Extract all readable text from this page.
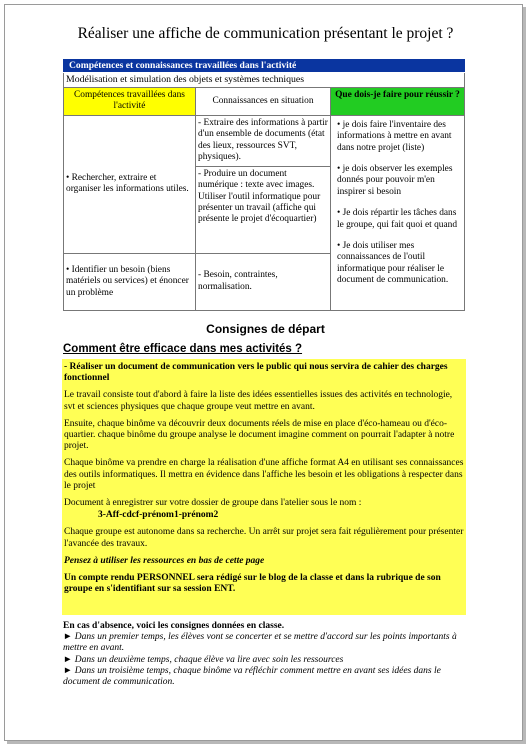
Réaliser une affiche de communication présentant le projet ?
Compétences et connaissances travaillées dans l'activité
Modélisation et simulation des objets et systèmes techniques
Compétences travaillées dans l'activité	Connaissances en situation	Que dois-je faire pour réussir ?

• Rechercher, extraire et organiser les informations utiles.	- Extraire des informations à partir d'un ensemble de documents (état des lieux, ressources SVT, physiques).	• je dois faire l'inventaire des informations à mettre en avant dans notre projet (liste)
• je dois observer les exemples donnés pour pouvoir m'en inspirer si besoin
• Je dois répartir les tâches dans le groupe, qui fait quoi et quand
• Je dois utiliser mes connaissances de l'outil informatique pour réaliser le document de communication.

	- Produire un document numérique : texte avec images. Utiliser l'outil informatique pour présenter un travail (affiche qui présente le projet d'écoquartier)	
• Identifier un besoin (biens matériels ou services) et énoncer un problème	- Besoin, contraintes, normalisation.	
Consignes de départ
Comment être efficace dans mes activités ?

- Réaliser un document de communication vers le public qui nous servira de cahier des charges fonctionnel

Le travail consiste tout d'abord à faire la liste des idées essentielles issues des activités en technologie, svt et sciences physiques que chaque groupe veut mettre en avant.

Ensuite, chaque binôme va découvrir deux documents réels de mise en place d'éco-hameau ou d'éco-quartier. chaque binôme du groupe analyse le document imagine comment on pourrait l'adapter à notre projet.

Chaque binôme va prendre en charge la réalisation d'une affiche format A4 en utilisant ses connaissances des outils informatiques. Il mettra en évidence dans l'affiche les besoin et les obligations à respecter dans le projet

Document à enregistrer sur votre dossier de groupe dans l'atelier sous le nom :

3-Aff-cdcf-prénom1-prénom2

Chaque groupe est autonome dans sa recherche. Un arrêt sur projet sera fait régulièrement pour présenter l'avancée des travaux.

Pensez à utiliser les ressources en bas de cette page

Un compte rendu PERSONNEL sera rédigé sur le blog de la classe et dans la rubrique de son groupe en s'identifiant sur sa session ENT.

En cas d'absence, voici les consignes données en classe.

► Dans un premier temps, les élèves vont se concerter et se mettre d'accord sur les points importants à mettre en avant.

► Dans un deuxième temps, chaque élève va lire avec soin les ressources

► Dans un troisième temps, chaque binôme va réfléchir comment mettre en avant ses idées dans le document de communication.
